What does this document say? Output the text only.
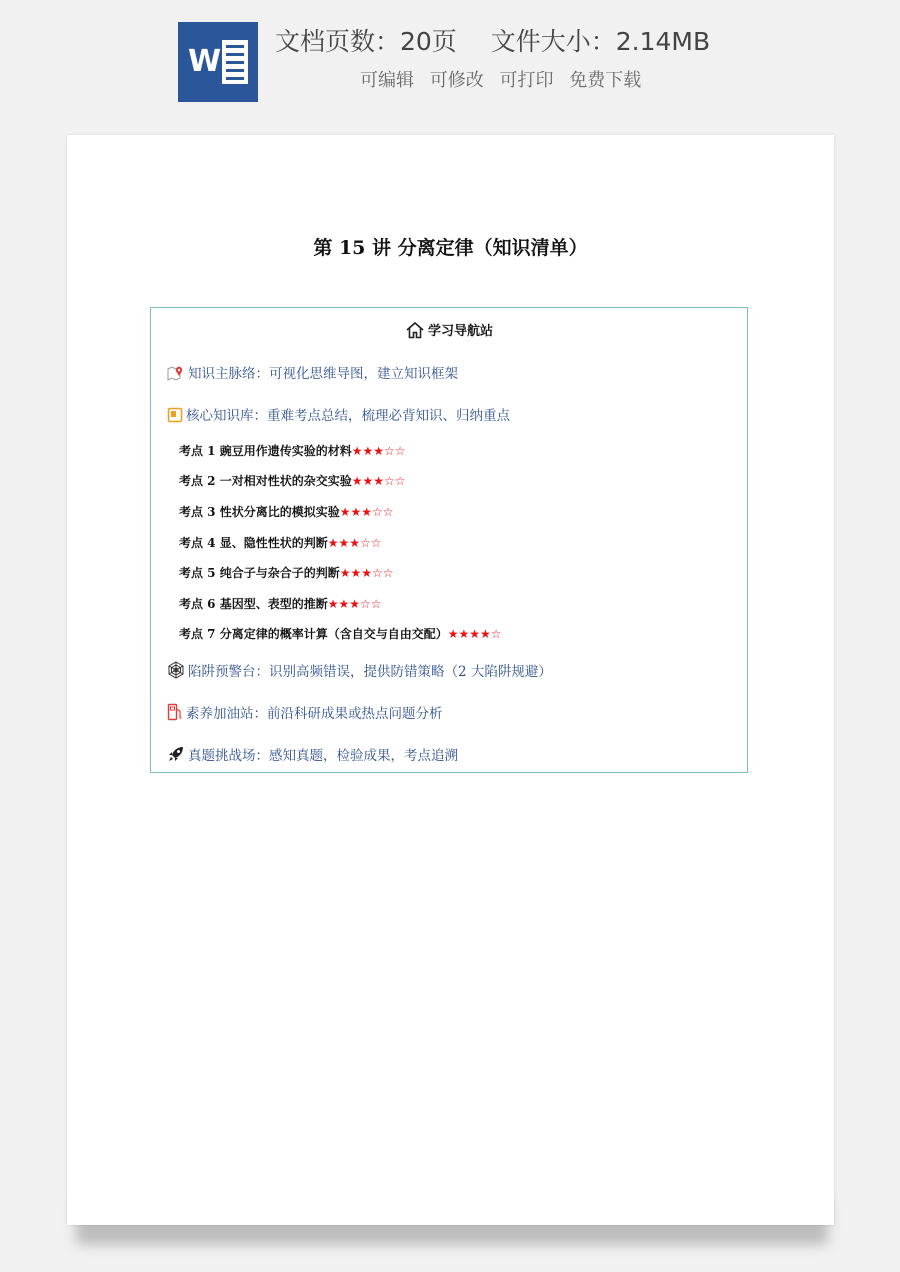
W
文档页数：20页 文件大小：2.14MB
可编辑 可修改 可打印 免费下载
第 15 讲 分离定律（知识清单）
学习导航站
知识主脉络：可视化思维导图，建立知识框架
核心知识库：重难考点总结，梳理必背知识、归纳重点
考点 1 豌豆用作遗传实验的材料★★★☆☆
考点 2 一对相对性状的杂交实验★★★☆☆
考点 3 性状分离比的模拟实验★★★☆☆
考点 4 显、隐性性状的判断★★★☆☆
考点 5 纯合子与杂合子的判断★★★☆☆
考点 6 基因型、表型的推断★★★☆☆
考点 7 分离定律的概率计算（含自交与自由交配）★★★★☆
陷阱预警台：识别高频错误，提供防错策略（2 大陷阱规避）
素养加油站：前沿科研成果或热点问题分析
真题挑战场：感知真题，检验成果，考点追溯
